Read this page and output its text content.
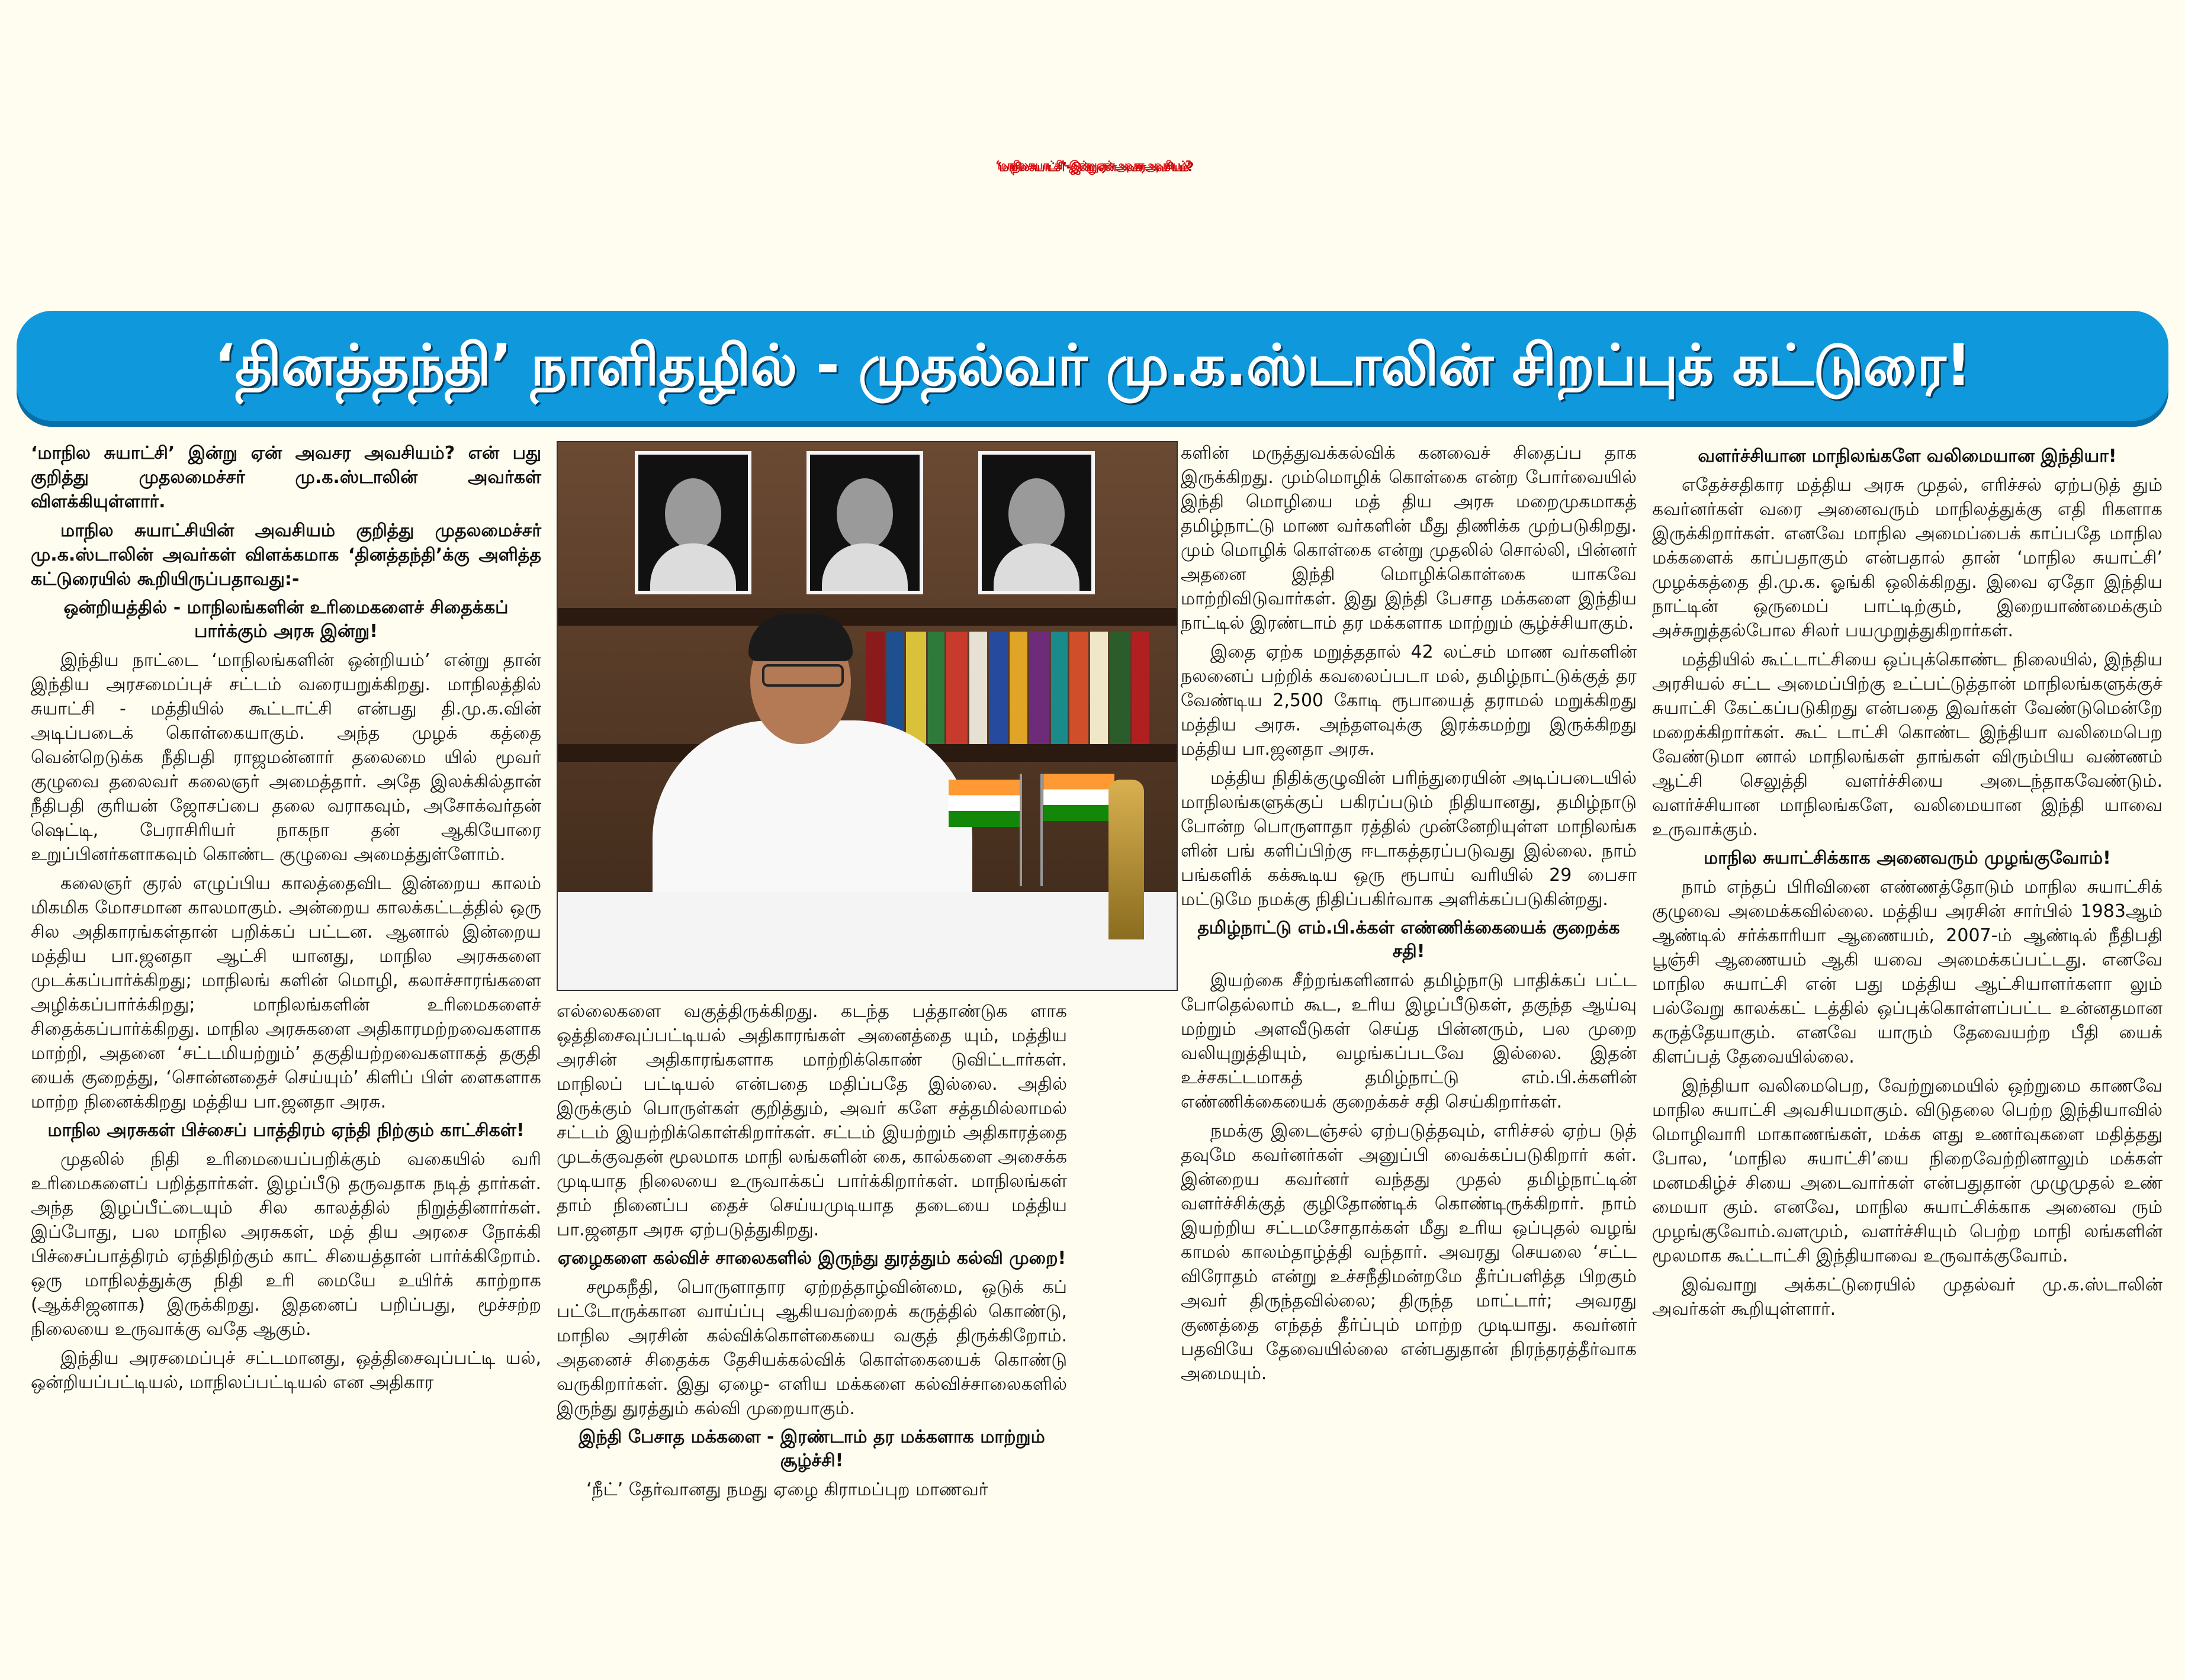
‘மாநில சுயாட்சி’ - இன்று ஏன் அவசர அவசியம்?
‘தினத்தந்தி’ நாளிதழில் - முதல்வர் மு.க.ஸ்டாலின் சிறப்புக் கட்டுரை!

‘மாநில சுயாட்சி’ இன்று ஏன் அவசர அவசியம்? என் பது குறித்து முதலமைச்சர் மு.க.ஸ்டாலின் அவர்கள் விளக்கியுள்ளார்.

மாநில சுயாட்சியின் அவசியம் குறித்து முதலமைச்சர் மு.க.ஸ்டாலின் அவர்கள் விளக்கமாக ‘தினத்தந்தி’க்கு அளித்த கட்டுரையில் கூறியிருப்பதாவது:-

ஒன்றியத்தில் - மாநிலங்களின் உரிமைகளைச் சிதைக்கப் பார்க்கும் அரசு இன்று!

இந்திய நாட்டை ‘மாநிலங்களின் ஒன்றியம்’ என்று தான் இந்திய அரசமைப்புச் சட்டம் வரையறுக்கிறது. மாநிலத்தில் சுயாட்சி - மத்தியில் கூட்டாட்சி என்பது தி.மு.க.வின் அடிப்படைக் கொள்கையாகும். அந்த முழக் கத்தை வென்றெடுக்க நீதிபதி ராஜமன்னார் தலைமை யில் மூவர் குழுவை தலைவர் கலைஞர் அமைத்தார். அதே இலக்கில்தான் நீதிபதி குரியன் ஜோசப்பை தலை வராகவும், அசோக்வர்தன் ஷெட்டி, பேராசிரியர் நாகநா தன் ஆகியோரை உறுப்பினர்களாகவும் கொண்ட குழுவை அமைத்துள்ளோம்.

கலைஞர் குரல் எழுப்பிய காலத்தைவிட இன்றைய காலம் மிகமிக மோசமான காலமாகும். அன்றைய காலக்கட்டத்தில் ஒரு சில அதிகாரங்கள்தான் பறிக்கப் பட்டன. ஆனால் இன்றைய மத்திய பா.ஜனதா ஆட்சி யானது, மாநில அரசுகளை முடக்கப்பார்க்கிறது; மாநிலங் களின் மொழி, கலாச்சாரங்களை அழிக்கப்பார்க்கிறது; மாநிலங்களின் உரிமைகளைச் சிதைக்கப்பார்க்கிறது. மாநில அரசுகளை அதிகாரமற்றவைகளாக மாற்றி, அதனை ‘சட்டமியற்றும்’ தகுதியற்றவைகளாகத் தகுதி யைக் குறைத்து, ‘சொன்னதைச் செய்யும்’ கிளிப் பிள் ளைகளாக மாற்ற நினைக்கிறது மத்திய பா.ஜனதா அரசு.

மாநில அரசுகள் பிச்சைப் பாத்திரம் ஏந்தி நிற்கும் காட்சிகள்!

முதலில் நிதி உரிமையைப்பறிக்கும் வகையில் வரி உரிமைகளைப் பறித்தார்கள். இழப்பீடு தருவதாக நடித் தார்கள். அந்த இழப்பீட்டையும் சில காலத்தில் நிறுத்தினார்கள். இப்போது, பல மாநில அரசுகள், மத் திய அரசை நோக்கி பிச்சைப்பாத்திரம் ஏந்திநிற்கும் காட் சியைத்தான் பார்க்கிறோம். ஒரு மாநிலத்துக்கு நிதி உரி மையே உயிர்க் காற்றாக (ஆக்சிஜனாக) இருக்கிறது. இதனைப் பறிப்பது, மூச்சற்ற நிலையை உருவாக்கு வதே ஆகும்.

இந்திய அரசமைப்புச் சட்டமானது, ஒத்திசைவுப்பட்டி யல், ஒன்றியப்பட்டியல், மாநிலப்பட்டியல் என அதிகார

எல்லைகளை வகுத்திருக்கிறது. கடந்த பத்தாண்டுக ளாக ஒத்திசைவுப்பட்டியல் அதிகாரங்கள் அனைத்தை யும், மத்திய அரசின் அதிகாரங்களாக மாற்றிக்கொண் டுவிட்டார்கள். மாநிலப் பட்டியல் என்பதை மதிப்பதே இல்லை. அதில் இருக்கும் பொருள்கள் குறித்தும், அவர் களே சத்தமில்லாமல் சட்டம் இயற்றிக்கொள்கிறார்கள். சட்டம் இயற்றும் அதிகாரத்தை முடக்குவதன் மூலமாக மாநி லங்களின் கை, கால்களை அசைக்க முடியாத நிலையை உருவாக்கப் பார்க்கிறார்கள். மாநிலங்கள் தாம் நினைப்ப தைச் செய்யமுடியாத தடையை மத்திய பா.ஜனதா அரசு ஏற்படுத்துகிறது.

ஏழைகளை கல்விச் சாலைகளில் இருந்து துரத்தும் கல்வி முறை!

சமூகநீதி, பொருளாதார ஏற்றத்தாழ்வின்மை, ஒடுக் கப் பட்டோருக்கான வாய்ப்பு ஆகியவற்றைக் கருத்தில் கொண்டு, மாநில அரசின் கல்விக்கொள்கையை வகுத் திருக்கிறோம். அதனைச் சிதைக்க தேசியக்கல்விக் கொள்கையைக் கொண்டு வருகிறார்கள். இது ஏழை- எளிய மக்களை கல்விச்சாலைகளில் இருந்து துரத்தும் கல்வி முறையாகும்.

இந்தி பேசாத மக்களை - இரண்டாம் தர மக்களாக மாற்றும் சூழ்ச்சி!

‘நீட்’ தேர்வானது நமது ஏழை கிராமப்புற மாணவர்

களின் மருத்துவக்கல்விக் கனவைச் சிதைப்ப தாக இருக்கிறது. மும்மொழிக் கொள்கை என்ற போர்வையில் இந்தி மொழியை மத் திய அரசு மறைமுகமாகத் தமிழ்நாட்டு மாண வர்களின் மீது திணிக்க முற்படுகிறது. மும் மொழிக் கொள்கை என்று முதலில் சொல்லி, பின்னர் அதனை இந்தி மொழிக்கொள்கை யாகவே மாற்றிவிடுவார்கள். இது இந்தி பேசாத மக்களை இந்திய நாட்டில் இரண்டாம் தர மக்களாக மாற்றும் சூழ்ச்சியாகும்.

இதை ஏற்க மறுத்ததால் 42 லட்சம் மாண வர்களின் நலனைப் பற்றிக் கவலைப்படா மல், தமிழ்நாட்டுக்குத் தர வேண்டிய 2,500 கோடி ரூபாயைத் தராமல் மறுக்கிறது மத்திய அரசு. அந்தளவுக்கு இரக்கமற்று இருக்கிறது மத்திய பா.ஜனதா அரசு.

மத்திய நிதிக்குழுவின் பரிந்துரையின் அடிப்படையில் மாநிலங்களுக்குப் பகிரப்படும் நிதியானது, தமிழ்நாடு போன்ற பொருளாதா ரத்தில் முன்னேறியுள்ள மாநிலங்க ளின் பங் களிப்பிற்கு ஈடாகத்தரப்படுவது இல்லை. நாம் பங்களிக் கக்கூடிய ஒரு ரூபாய் வரியில் 29 பைசா மட்டுமே நமக்கு நிதிப்பகிர்வாக அளிக்கப்படுகின்றது.

தமிழ்நாட்டு எம்.பி.க்கள் எண்ணிக்கையைக் குறைக்க சதி!

இயற்கை சீற்றங்களினால் தமிழ்நாடு பாதிக்கப் பட்ட போதெல்லாம் கூட, உரிய இழப்பீடுகள், தகுந்த ஆய்வு மற்றும் அளவீடுகள் செய்த பின்னரும், பல முறை வலியுறுத்தியும், வழங்கப்படவே இல்லை. இதன் உச்சகட்டமாகத் தமிழ்நாட்டு எம்.பி.க்களின் எண்ணிக்கையைக் குறைக்கச் சதி செய்கிறார்கள்.

நமக்கு இடைஞ்சல் ஏற்படுத்தவும், எரிச்சல் ஏற்ப டுத் தவுமே கவர்னர்கள் அனுப்பி வைக்கப்படுகிறார் கள். இன்றைய கவர்னர் வந்தது முதல் தமிழ்நாட்டின் வளர்ச்சிக்குத் குழிதோண்டிக் கொண்டிருக்கிறார். நாம் இயற்றிய சட்டமசோதாக்கள் மீது உரிய ஒப்புதல் வழங் காமல் காலம்தாழ்த்தி வந்தார். அவரது செயலை ‘சட்ட விரோதம் என்று உச்சநீதிமன்றமே தீர்ப்பளித்த பிறகும் அவர் திருந்தவில்லை; திருந்த மாட்டார்; அவரது குணத்தை எந்தத் தீர்ப்பும் மாற்ற முடியாது. கவர்னர் பதவியே தேவையில்லை என்பதுதான் நிரந்தரத்தீர்வாக அமையும்.

வளர்ச்சியான மாநிலங்களே வலிமையான இந்தியா!

எதேச்சதிகார மத்திய அரசு முதல், எரிச்சல் ஏற்படுத் தும் கவர்னர்கள் வரை அனைவரும் மாநிலத்துக்கு எதி ரிகளாக இருக்கிறார்கள். எனவே மாநில அமைப்பைக் காப்பதே மாநில மக்களைக் காப்பதாகும் என்பதால் தான் ‘மாநில சுயாட்சி’ முழக்கத்தை தி.மு.க. ஓங்கி ஒலிக்கிறது. இவை ஏதோ இந்திய நாட்டின் ஒருமைப் பாட்டிற்கும், இறையாண்மைக்கும் அச்சுறுத்தல்போல சிலர் பயமுறுத்துகிறார்கள்.

மத்தியில் கூட்டாட்சியை ஒப்புக்கொண்ட நிலையில், இந்திய அரசியல் சட்ட அமைப்பிற்கு உட்பட்டுத்தான் மாநிலங்களுக்குச் சுயாட்சி கேட்கப்படுகிறது என்பதை இவர்கள் வேண்டுமென்றே மறைக்கிறார்கள். கூட் டாட்சி கொண்ட இந்தியா வலிமைபெற வேண்டுமா னால் மாநிலங்கள் தாங்கள் விரும்பிய வண்ணம் ஆட்சி செலுத்தி வளர்ச்சியை அடைந்தாகவேண்டும். வளர்ச்சியான மாநிலங்களே, வலிமையான இந்தி யாவை உருவாக்கும்.

மாநில சுயாட்சிக்காக அனைவரும் முழங்குவோம்!

நாம் எந்தப் பிரிவினை எண்ணத்தோடும் மாநில சுயாட்சிக் குழுவை அமைக்கவில்லை. மத்திய அரசின் சார்பில் 1983ஆம் ஆண்டில் சர்க்காரியா ஆணையம், 2007-ம் ஆண்டில் நீதிபதி பூஞ்சி ஆணையம் ஆகி யவை அமைக்கப்பட்டது. எனவே மாநில சுயாட்சி என் பது மத்திய ஆட்சியாளர்களா லும் பல்வேறு காலக்கட் டத்தில் ஒப்புக்கொள்ளப்பட்ட உன்னதமான கருத்தேயாகும். எனவே யாரும் தேவையற்ற பீதி யைக் கிளப்பத் தேவையில்லை.

இந்தியா வலிமைபெற, வேற்றுமையில் ஒற்றுமை காணவே மாநில சுயாட்சி அவசியமாகும். விடுதலை பெற்ற இந்தியாவில் மொழிவாரி மாகாணங்கள், மக்க ளது உணர்வுகளை மதித்தது போல, ‘மாநில சுயாட்சி’யை நிறைவேற்றினாலும் மக்கள் மனமகிழ்ச் சியை அடைவார்கள் என்பதுதான் முழுமுதல் உண் மையா கும். எனவே, மாநில சுயாட்சிக்காக அனைவ ரும் முழங்குவோம்.வளமும், வளர்ச்சியும் பெற்ற மாநி லங்களின் மூலமாக கூட்டாட்சி இந்தியாவை உருவாக்குவோம்.

இவ்வாறு அக்கட்டுரையில் முதல்வர் மு.க.ஸ்டாலின் அவர்கள் கூறியுள்ளார்.
